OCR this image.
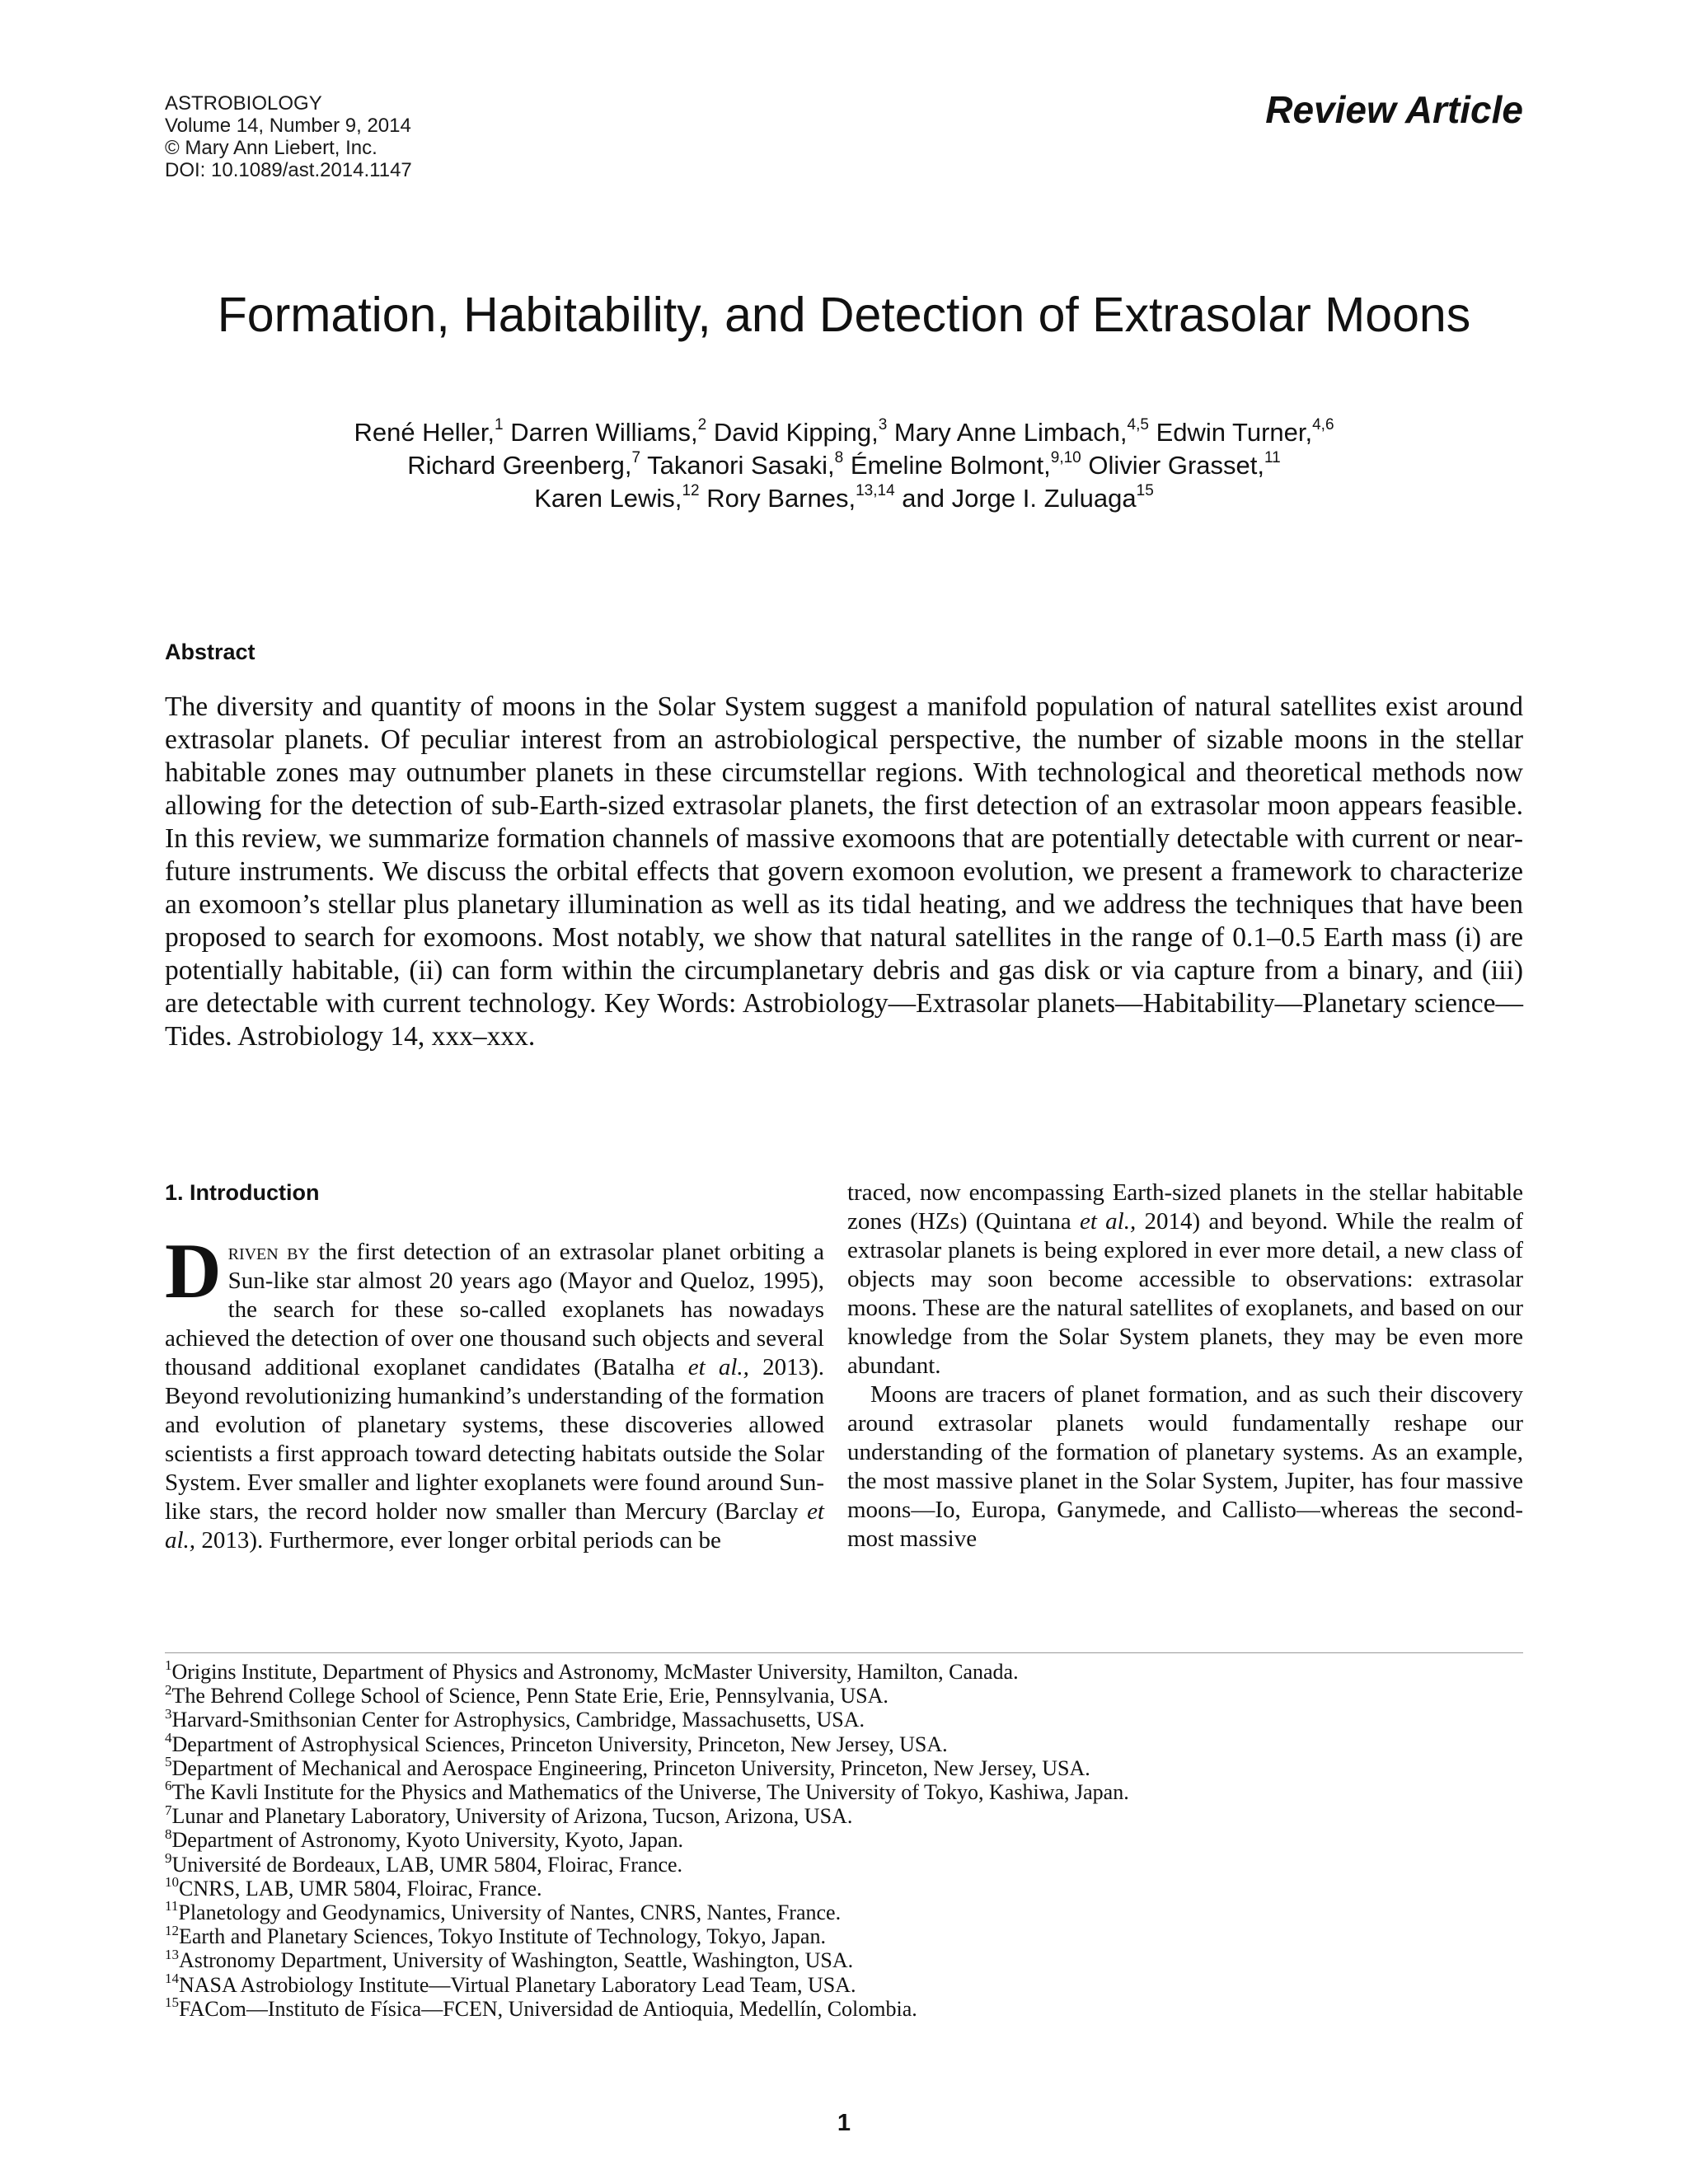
ASTROBIOLOGY
Volume 14, Number 9, 2014
© Mary Ann Liebert, Inc.
DOI: 10.1089/ast.2014.1147
Review Article
Formation, Habitability, and Detection of Extrasolar Moons
René Heller,$^1$ Darren Williams,$^2$ David Kipping,$^3$ Mary Anne Limbach,$^{4,5}$ Edwin Turner,$^{4,6}$
Richard Greenberg,$^7$ Takanori Sasaki,$^8$ Émeline Bolmont,$^{9,10}$ Olivier Grasset,$^{11}$
Karen Lewis,$^{12}$ Rory Barnes,$^{13,14}$ and Jorge I. Zuluaga$^{15}$
Abstract

The diversity and quantity of moons in the Solar System suggest a manifold population of natural satellites exist around extrasolar planets. Of peculiar interest from an astrobiological perspective, the number of sizable moons in the stellar habitable zones may outnumber planets in these circumstellar regions. With technological and theoretical methods now allowing for the detection of sub-Earth-sized extrasolar planets, the first detection of an extrasolar moon appears feasible. In this review, we summarize formation channels of massive exomoons that are potentially detectable with current or near-future instruments. We discuss the orbital effects that govern exomoon evolution, we present a framework to characterize an exomoon’s stellar plus planetary illumination as well as its tidal heating, and we address the techniques that have been proposed to search for exomoons. Most notably, we show that natural satellites in the range of 0.1–0.5 Earth mass (i) are potentially habitable, (ii) can form within the circumplanetary debris and gas disk or via capture from a binary, and (iii) are detectable with current technology. Key Words: Astrobiology—Extrasolar planets—Habitability—Planetary science—Tides. Astrobiology 14, xxx–xxx.

1. Introduction

Driven by the first detection of an extrasolar planet orbiting a Sun-like star almost 20 years ago (Mayor and Queloz, 1995), the search for these so-called exoplanets has nowadays achieved the detection of over one thousand such objects and several thousand additional exoplanet candidates (Batalha et al., 2013). Beyond revolutionizing humankind’s understanding of the formation and evolution of planetary systems, these discoveries allowed scientists a first approach toward detecting habitats outside the Solar System. Ever smaller and lighter exoplanets were found around Sun-like stars, the record holder now smaller than Mercury (Barclay et al., 2013). Furthermore, ever longer orbital periods can be

traced, now encompassing Earth-sized planets in the stellar habitable zones (HZs) (Quintana et al., 2014) and beyond. While the realm of extrasolar planets is being explored in ever more detail, a new class of objects may soon become accessible to observations: extrasolar moons. These are the natural satellites of exoplanets, and based on our knowledge from the Solar System planets, they may be even more abundant.

Moons are tracers of planet formation, and as such their discovery around extrasolar planets would fundamentally reshape our understanding of the formation of planetary systems. As an example, the most massive planet in the Solar System, Jupiter, has four massive moons—Io, Europa, Ganymede, and Callisto—whereas the second-most massive

$^1$Origins Institute, Department of Physics and Astronomy, McMaster University, Hamilton, Canada.
$^2$The Behrend College School of Science, Penn State Erie, Erie, Pennsylvania, USA.
$^3$Harvard-Smithsonian Center for Astrophysics, Cambridge, Massachusetts, USA.
$^4$Department of Astrophysical Sciences, Princeton University, Princeton, New Jersey, USA.
$^5$Department of Mechanical and Aerospace Engineering, Princeton University, Princeton, New Jersey, USA.
$^6$The Kavli Institute for the Physics and Mathematics of the Universe, The University of Tokyo, Kashiwa, Japan.
$^7$Lunar and Planetary Laboratory, University of Arizona, Tucson, Arizona, USA.
$^8$Department of Astronomy, Kyoto University, Kyoto, Japan.
$^9$Université de Bordeaux, LAB, UMR 5804, Floirac, France.
$^{10}$CNRS, LAB, UMR 5804, Floirac, France.
$^{11}$Planetology and Geodynamics, University of Nantes, CNRS, Nantes, France.
$^{12}$Earth and Planetary Sciences, Tokyo Institute of Technology, Tokyo, Japan.
$^{13}$Astronomy Department, University of Washington, Seattle, Washington, USA.
$^{14}$NASA Astrobiology Institute—Virtual Planetary Laboratory Lead Team, USA.
$^{15}$FACom—Instituto de Física—FCEN, Universidad de Antioquia, Medellín, Colombia.
1
